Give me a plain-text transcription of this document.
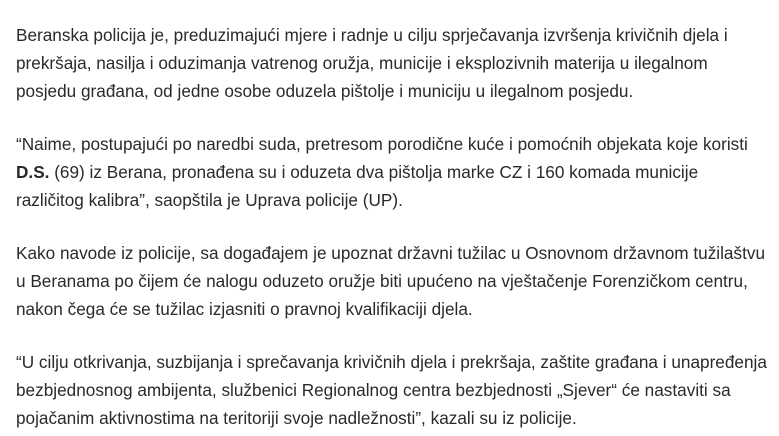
Beranska policija je, preduzimajući mjere i radnje u cilju sprječavanja izvršenja krivičnih djela i prekršaja, nasilja i oduzimanja vatrenog oružja, municije i eksplozivnih materija u ilegalnom posjedu građana, od jedne osobe oduzela pištolje i municiju u ilegalnom posjedu.

“Naime, postupajući po naredbi suda, pretresom porodične kuće i pomoćnih objekata koje koristi D.S. (69) iz Berana, pronađena su i oduzeta dva pištolja marke CZ i 160 komada municije različitog kalibra”, saopštila je Uprava policije (UP).

Kako navode iz policije, sa događajem je upoznat državni tužilac u Osnovnom državnom tužilaštvu u Beranama po čijem će nalogu oduzeto oružje biti upućeno na vještačenje Forenzičkom centru, nakon čega će se tužilac izjasniti o pravnoj kvalifikaciji djela.

“U cilju otkrivanja, suzbijanja i sprečavanja krivičnih djela i prekršaja, zaštite građana i unapređenja bezbjednosnog ambijenta, službenici Regionalnog centra bezbjednosti „Sjever“ će nastaviti sa pojačanim aktivnostima na teritoriji svoje nadležnosti”, kazali su iz policije.
